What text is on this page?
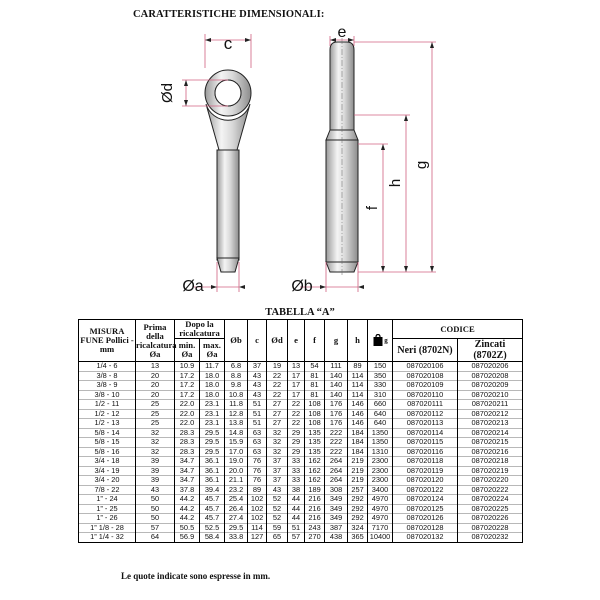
CARATTERISTICHE DIMENSIONALI:
c
Ød
Øa
e
f
h
g
Øb
TABELLA “A”
MISURA FUNE Pollici - mm	Prima della ricalcatura Øa	Dopo la ricalcatura		Øb	c	Ød	e	f	g	h	g	CODICE	
		min. Øa	max. Øa									Neri (8702N)	Zincati (8702Z)

1/4 - 6	13	10.9	11.7	6.8	37	19	13	54	111	89	150	087020106	087020206
3/8 - 8	20	17.2	18.0	8.8	43	22	17	81	140	114	350	087020108	087020208
3/8 - 9	20	17.2	18.0	9.8	43	22	17	81	140	114	330	087020109	087020209
3/8 - 10	20	17.2	18.0	10.8	43	22	17	81	140	114	310	087020110	087020210
1/2 - 11	25	22.0	23.1	11.8	51	27	22	108	176	146	660	087020111	087020211
1/2 - 12	25	22.0	23.1	12.8	51	27	22	108	176	146	640	087020112	087020212
1/2 - 13	25	22.0	23.1	13.8	51	27	22	108	176	146	640	087020113	087020213
5/8 - 14	32	28.3	29.5	14.8	63	32	29	135	222	184	1350	087020114	087020214
5/8 - 15	32	28.3	29.5	15.9	63	32	29	135	222	184	1350	087020115	087020215
5/8 - 16	32	28.3	29.5	17.0	63	32	29	135	222	184	1310	087020116	087020216
3/4 - 18	39	34.7	36.1	19.0	76	37	33	162	264	219	2300	087020118	087020218
3/4 - 19	39	34.7	36.1	20.0	76	37	33	162	264	219	2300	087020119	087020219
3/4 - 20	39	34.7	36.1	21.1	76	37	33	162	264	219	2300	087020120	087020220
7/8 - 22	43	37.8	39.4	23.2	89	43	38	189	308	257	3400	087020122	087020222
1” - 24	50	44.2	45.7	25.4	102	52	44	216	349	292	4970	087020124	087020224
1” - 25	50	44.2	45.7	26.4	102	52	44	216	349	292	4970	087020125	087020225
1” - 26	50	44.2	45.7	27.4	102	52	44	216	349	292	4970	087020126	087020226
1” 1/8 - 28	57	50.5	52.5	29.5	114	59	51	243	387	324	7170	087020128	087020228
1” 1/4 - 32	64	56.9	58.4	33.8	127	65	57	270	438	365	10400	087020132	087020232
Le quote indicate sono espresse in mm.
